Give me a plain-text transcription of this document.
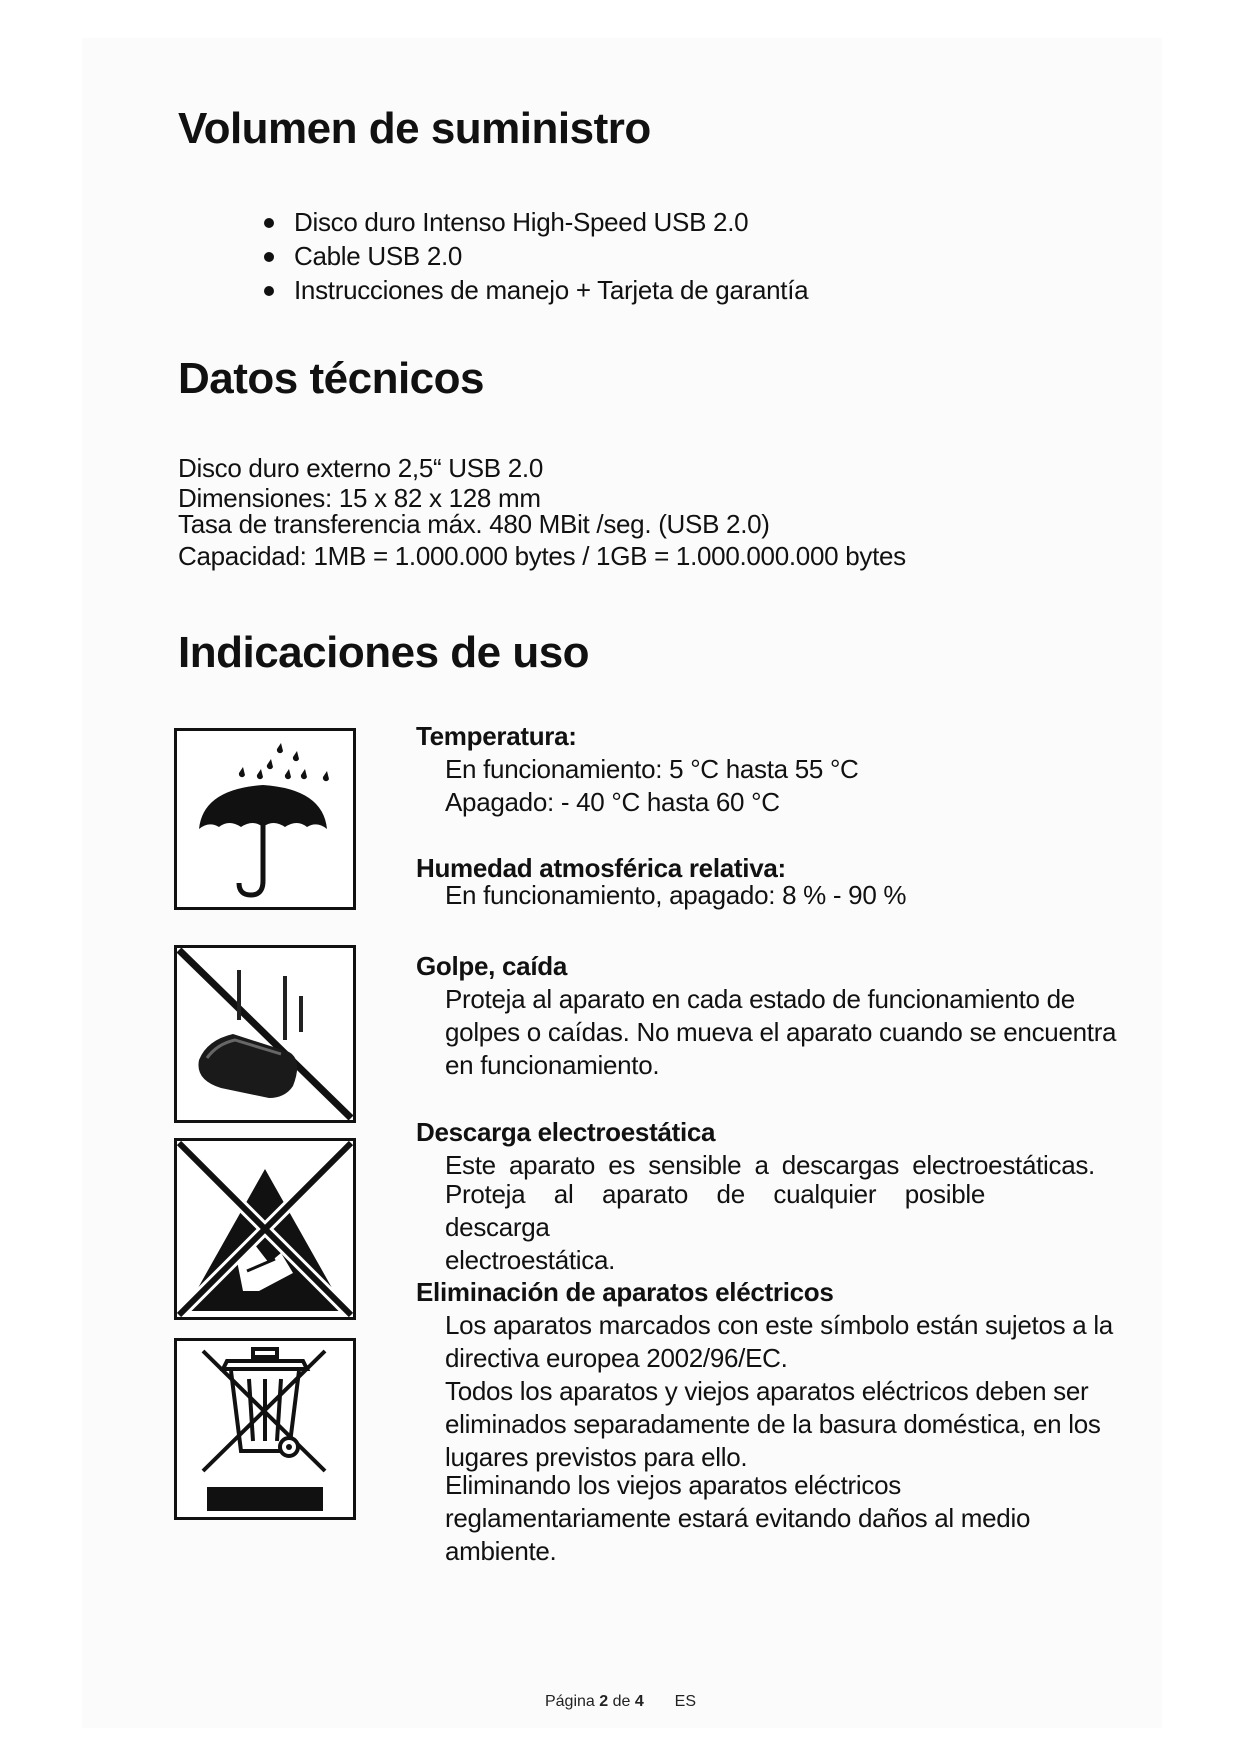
Volumen de suministro
Disco duro Intenso High-Speed USB 2.0
Cable USB 2.0
Instrucciones de manejo + Tarjeta de garantía
Datos técnicos

Disco duro externo 2,5“ USB 2.0

Dimensiones: 15 x 82 x 128 mm

Tasa de transferencia máx. 480 MBit /seg. (USB 2.0)

Capacidad: 1MB = 1.000.000 bytes / 1GB = 1.000.000.000 bytes

Indicaciones de uso
Temperatura:
En funcionamiento: 5 °C hasta 55 °C
Apagado: - 40 °C hasta 60 °C
Humedad atmosférica relativa:
En funcionamiento, apagado: 8 % - 90 %
Golpe, caída
Proteja al aparato en cada estado de funcionamiento de
golpes o caídas. No mueva el aparato cuando se encuentra
en funcionamiento.
Descarga electroestática
Este aparato es sensible a descargas electroestáticas.
Proteja al aparato de cualquier posible descarga
electroestática.
Eliminación de aparatos eléctricos
Los aparatos marcados con este símbolo están sujetos a la
directiva europea 2002/96/EC.
Todos los aparatos y viejos aparatos eléctricos deben ser
eliminados separadamente de la basura doméstica, en los
lugares previstos para ello.
Eliminando los viejos aparatos eléctricos
reglamentariamente estará evitando daños al medio
ambiente.
Página 2 de 4 ES
